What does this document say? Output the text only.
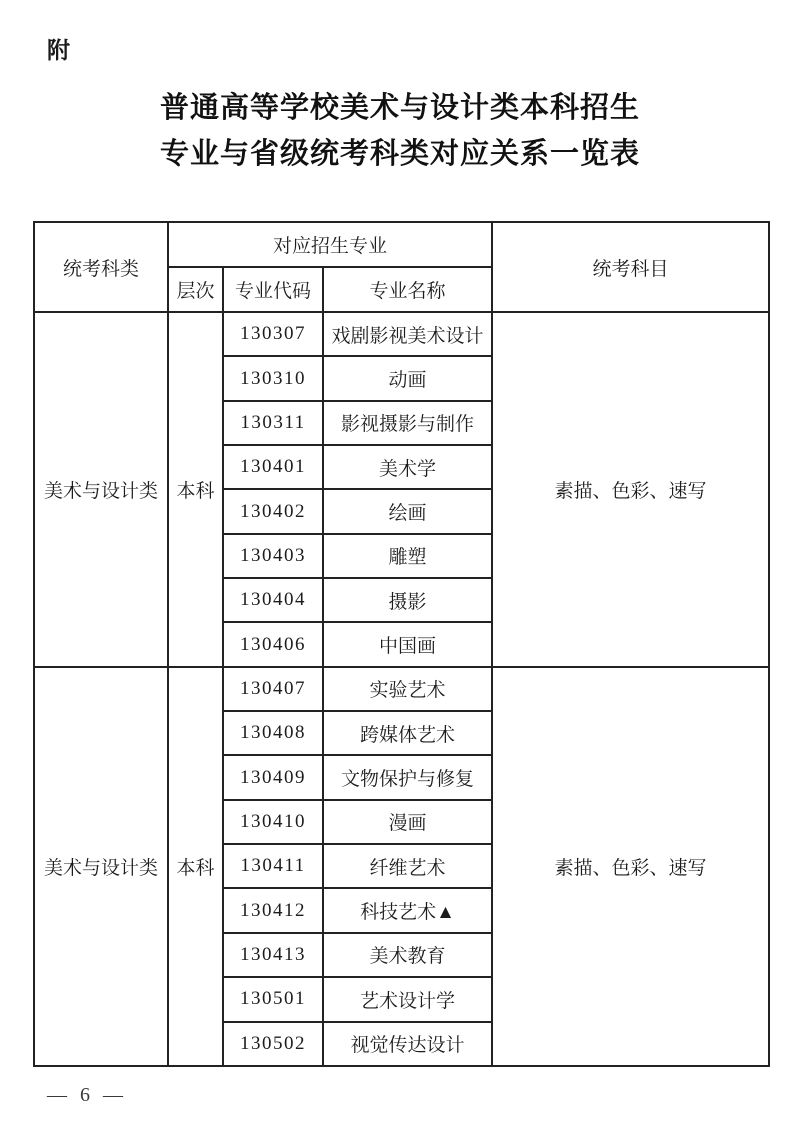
附
普通高等学校美术与设计类本科招生
专业与省级统考科类对应关系一览表
统考科类	对应招生专业			统考科目
	层次	专业代码	专业名称	
美术与设计类	本科	130307	戏剧影视美术设计	素描、色彩、速写
		130310	动画	
		130311	影视摄影与制作	
		130401	美术学	
		130402	绘画	
		130403	雕塑	
		130404	摄影	
		130406	中国画	
美术与设计类	本科	130407	实验艺术	素描、色彩、速写
		130408	跨媒体艺术	
		130409	文物保护与修复	
		130410	漫画	
		130411	纤维艺术	
		130412	科技艺术▲	
		130413	美术教育	
		130501	艺术设计学	
		130502	视觉传达设计	
— 6 —
